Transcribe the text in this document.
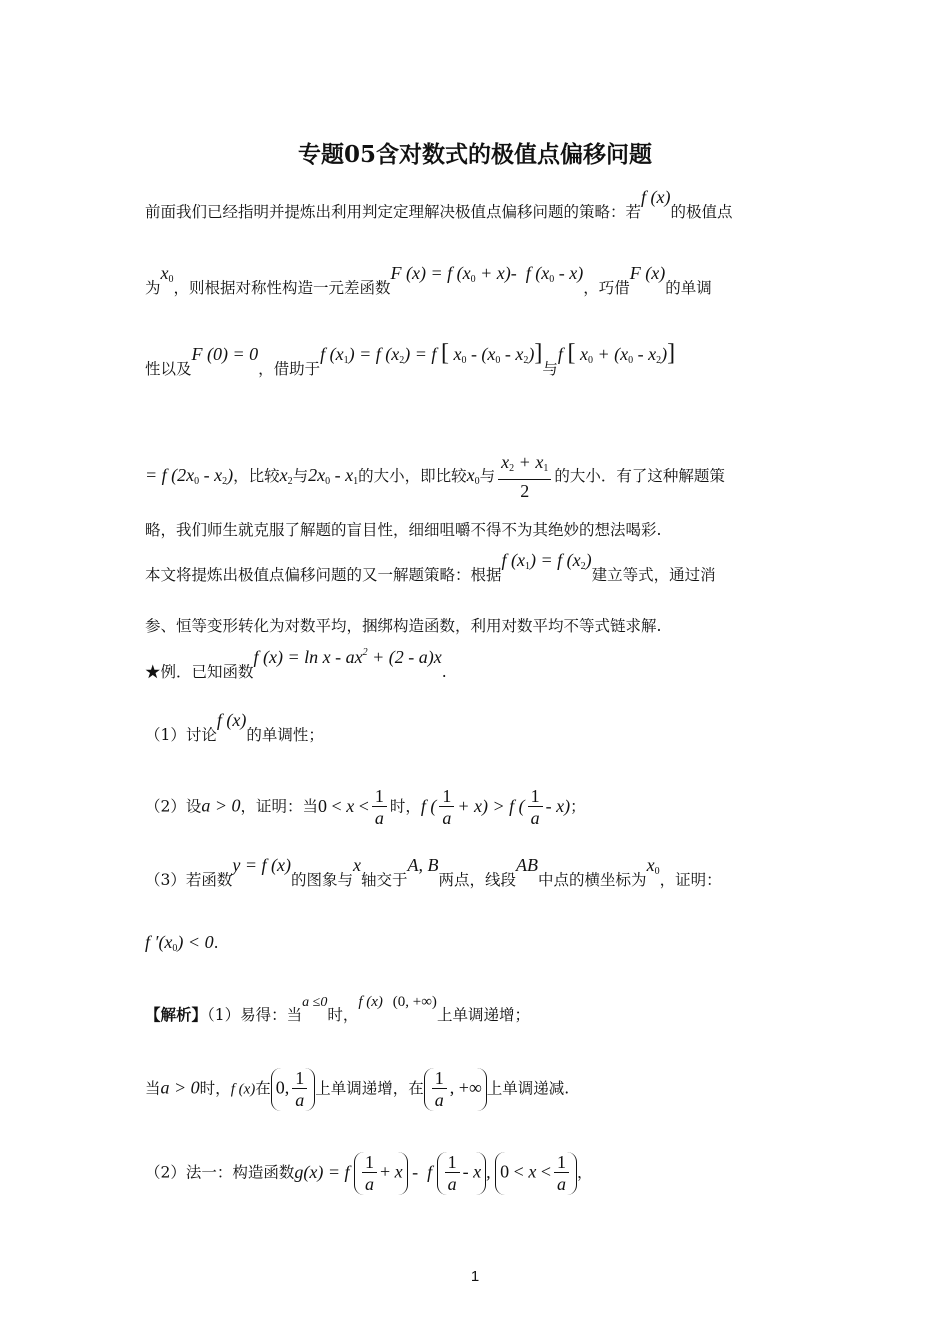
专题05含对数式的极值点偏移问题
前面我们已经指明并提炼出利用判定定理解决极值点偏移问题的策略：若f (x)的极值点
为$x_0$，则根据对称性构造一元差函数F (x) = f $(x_0 + x)-$  f $(x_0 - x)$，巧借F (x)的单调
性以及F (0) = 0，借助于f $(x_1) = f$ $(x_2) = f$ [ $x_0 - (x_0 - x_2)$]与f [ $x_0 + (x_0 - x_2)$]
= f $(2x_0 - x_2)$，比较$x_2$与$2x_0 - x_1$的大小，即比较$x_0$与 $\frac{x_2 + x_1}{2}$ 的大小．有了这种解题策
略，我们师生就克服了解题的盲目性，细细咀嚼不得不为其绝妙的想法喝彩.
本文将提炼出极值点偏移问题的又一解题策略：根据f $(x_1) = f$ $(x_2)$建立等式，通过消
参、恒等变形转化为对数平均，捆绑构造函数，利用对数平均不等式链求解.
★例．已知函数f $(x) = \ln x - ax^2 + (2 - a)x$.
（1）讨论f (x)的单调性；
（2）设a > 0，证明：当$0 < x < \frac{1}{a}$ 时，f ( $\frac{1}{a} + x) > f$ ( $\frac{1}{a} - x$)；
（3）若函数y = f (x)的图象与x轴交于A, B两点，线段AB中点的横坐标为$x_0$，证明：
f $'(x_0) < 0$.
【解析】（1）易得：当a ≤0时，f (x) (0, +∞)上单调递增；
当a > 0时，f (x)在 0, $\frac{1}{a}$ 上单调递增，在 $\frac{1}{a}$ , +∞ 上单调递减.
（2）法一：构造函数g(x) = f $\frac{1}{a} + x - f \frac{1}{a} - x$ , $0 < x < \frac{1}{a}$ ，
1
